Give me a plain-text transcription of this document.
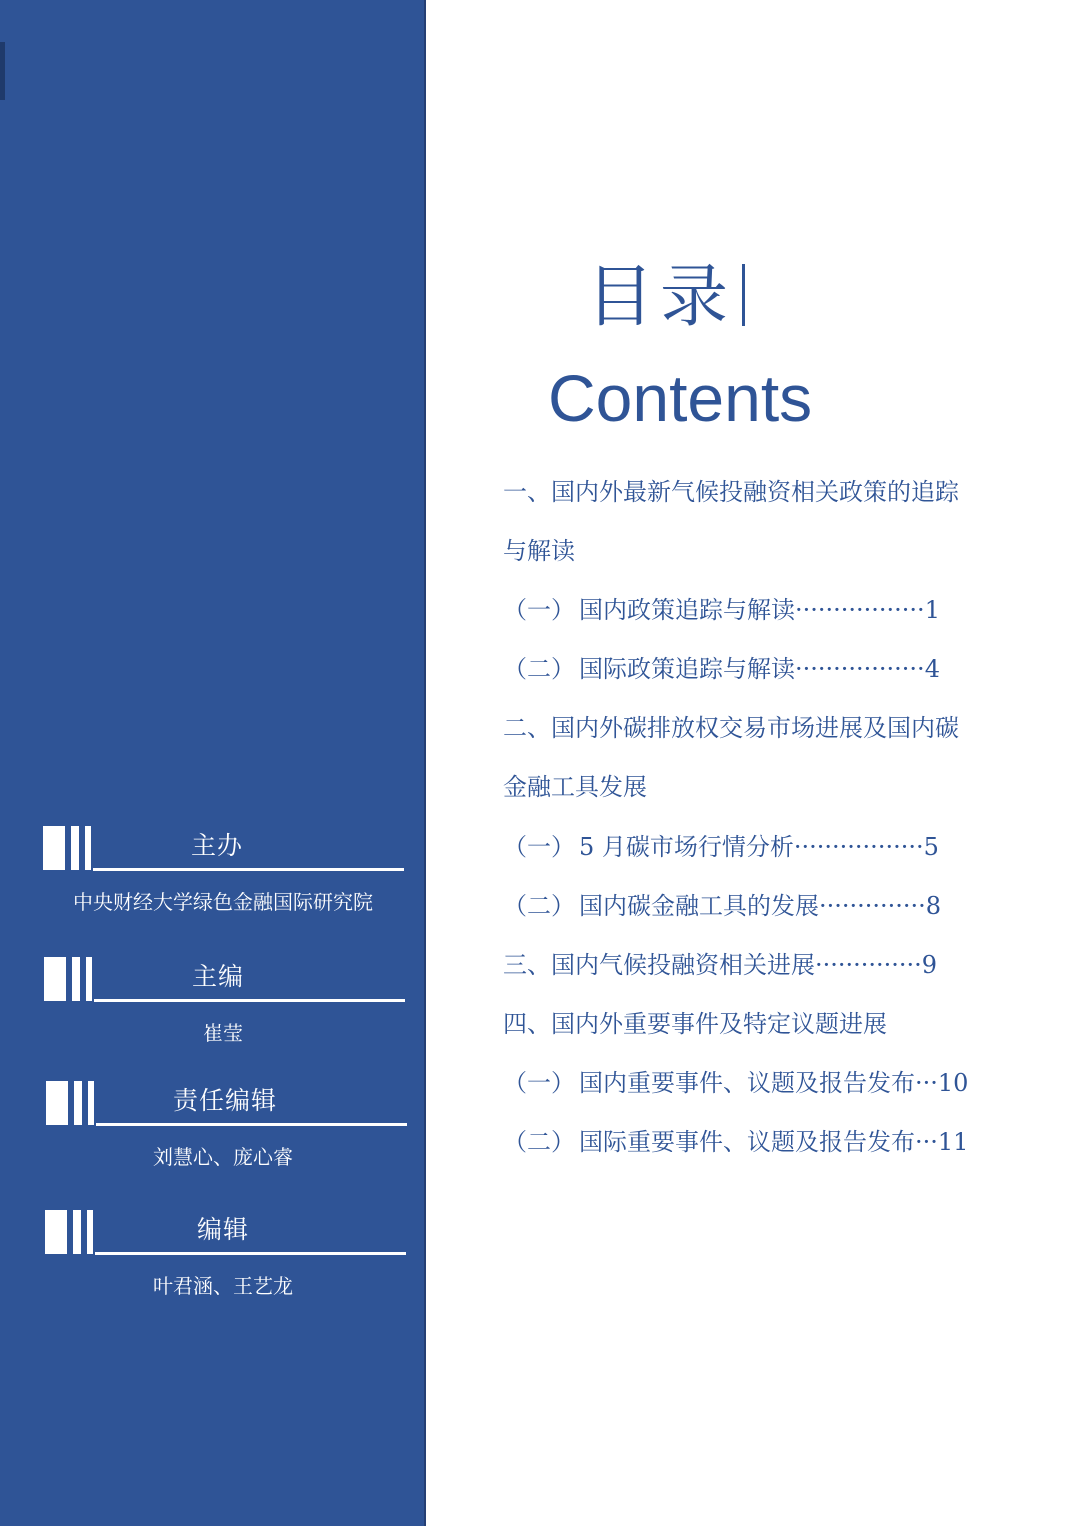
主办
中央财经大学绿色金融国际研究院
主编
崔莹
责任编辑
刘慧心、庞心睿
编辑
叶君涵、王艺龙
目录
Contents
一、国内外最新气候投融资相关政策的追踪
与解读
（一） 国内政策追踪与解读·················1
（二） 国际政策追踪与解读·················4
二、国内外碳排放权交易市场进展及国内碳
金融工具发展
（一） 5 月碳市场行情分析·················5
（二） 国内碳金融工具的发展··············8
三、国内气候投融资相关进展··············9
四、国内外重要事件及特定议题进展
（一） 国内重要事件、议题及报告发布···10
（二） 国际重要事件、议题及报告发布···11
